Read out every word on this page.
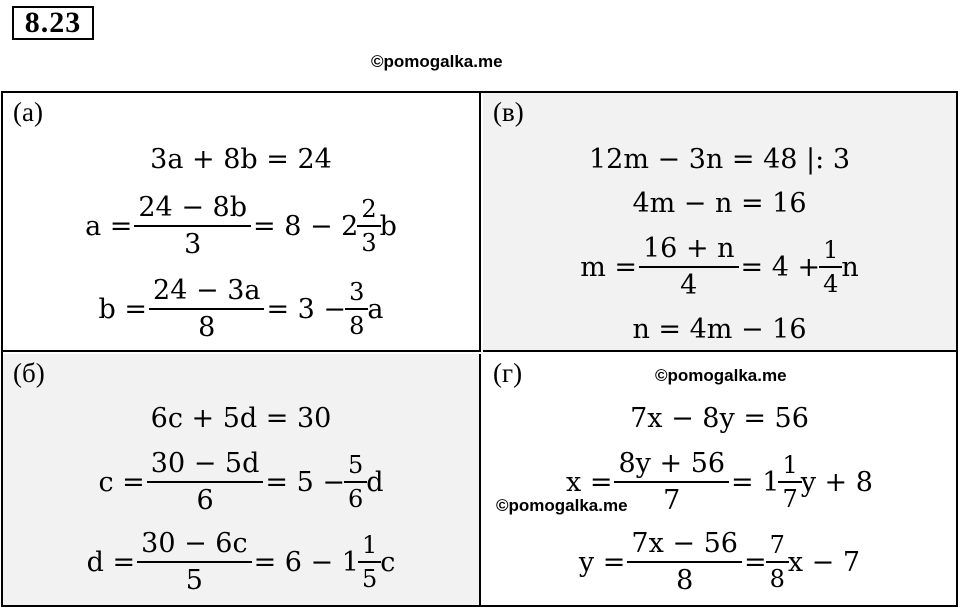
8.23
©pomogalka.me
(а)
3a + 8b = 24
$a = \frac{24 - 8b}{3} = 8 - 2 \frac{2}{3}$ b
$b = \frac{24 - 3a}{8} = 3 - \frac{3}{8}$ a
(в)
12m − 3n = 48 |: 3
4m − n = 16
$m = \frac{16 + n}{4} = 4 + \frac{1}{4}$ n
n = 4m − 16
(б)
6c + 5d = 30
$c = \frac{30 - 5d}{6} = 5 - \frac{5}{6}$ d
$d = \frac{30 - 6c}{5} = 6 - 1 \frac{1}{5}$ c
(г)	©pomogalka.me
7x − 8y = 56
$x = \frac{8y + 56}{7} = 1 \frac{1}{7}$ y + 8
$y = \frac{7x - 56}{8} = \frac{7}{8}$ x − 7
©pomogalka.me
